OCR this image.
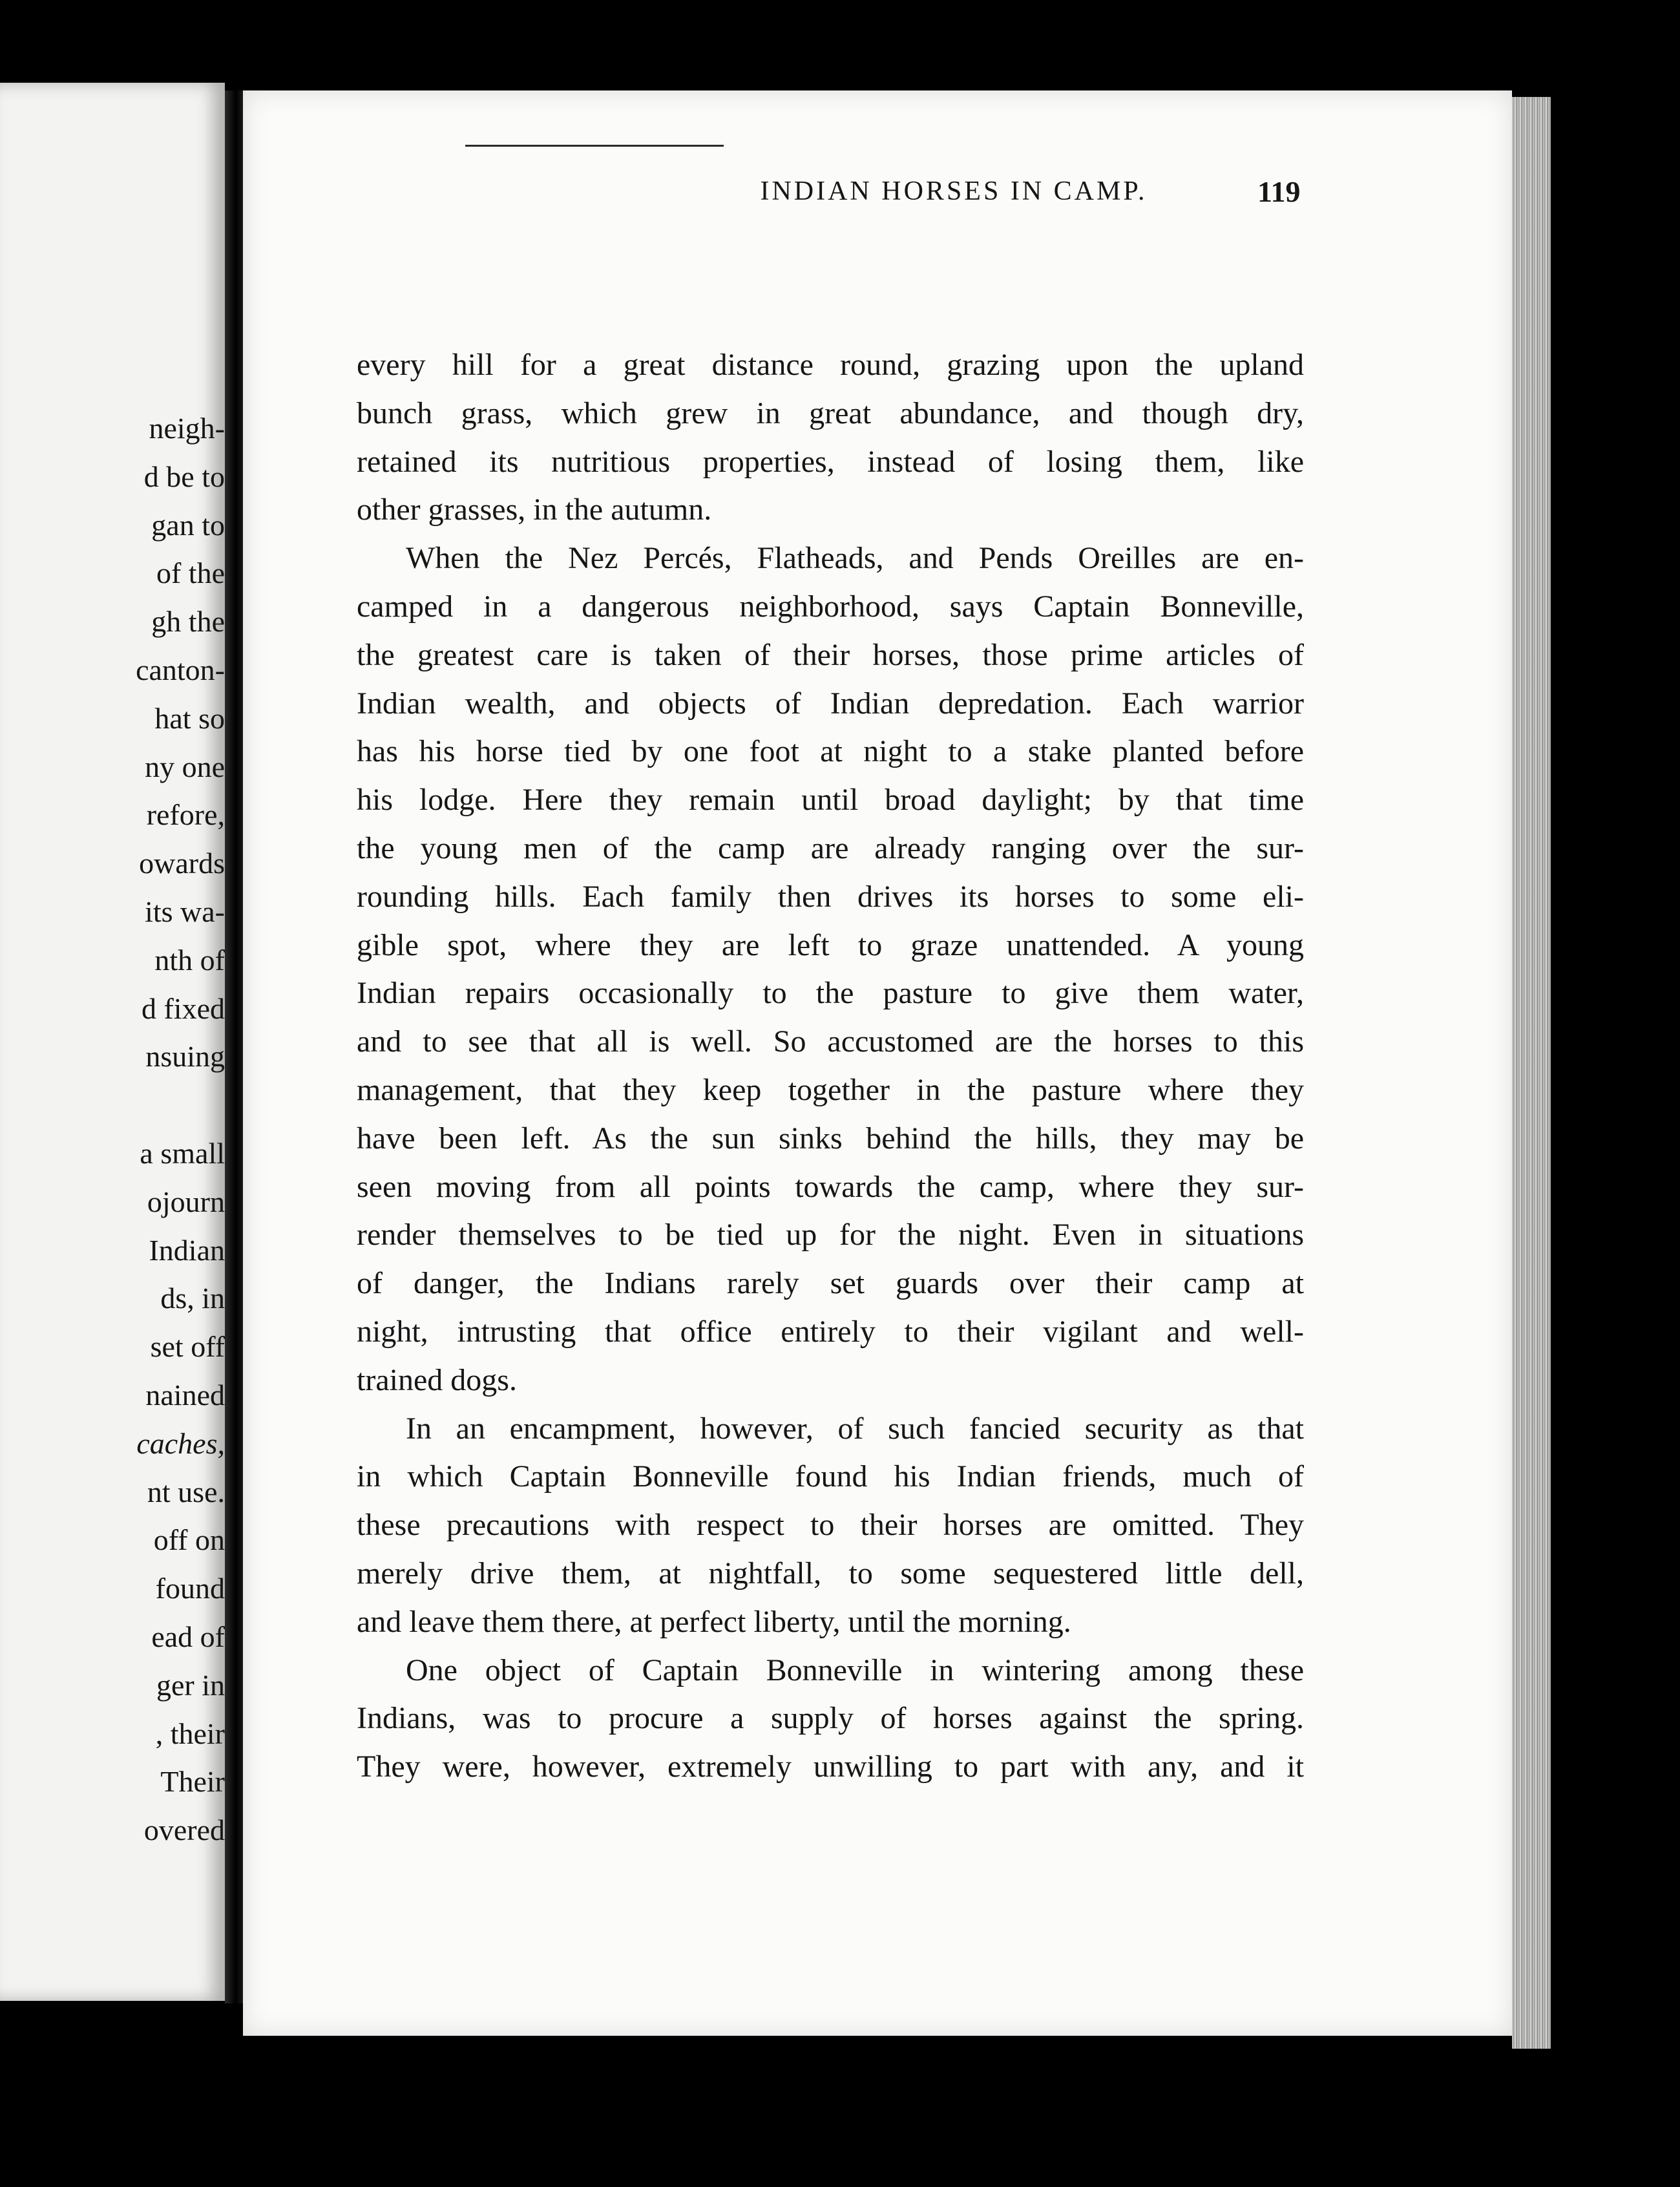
neigh-
d be to
gan to
of the
gh the
canton-
hat so
ny one
refore,
owards
its wa-
nth of
d fixed
nsuing
a small
ojourn
Indian
ds, in
set off
nained
caches,
nt use.
off on
found
ead of
ger in
, their
Their
overed
INDIAN HORSES IN CAMP.	119
every hill for a great distance round, grazing upon the upland
bunch grass, which grew in great abundance, and though dry,
retained its nutritious properties, instead of losing them, like
other grasses, in the autumn.
When the Nez Percés, Flatheads, and Pends Oreilles are en-
camped in a dangerous neighborhood, says Captain Bonneville,
the greatest care is taken of their horses, those prime articles of
Indian wealth, and objects of Indian depredation. Each warrior
has his horse tied by one foot at night to a stake planted before
his lodge. Here they remain until broad daylight; by that time
the young men of the camp are already ranging over the sur-
rounding hills. Each family then drives its horses to some eli-
gible spot, where they are left to graze unattended. A young
Indian repairs occasionally to the pasture to give them water,
and to see that all is well. So accustomed are the horses to this
management, that they keep together in the pasture where they
have been left. As the sun sinks behind the hills, they may be
seen moving from all points towards the camp, where they sur-
render themselves to be tied up for the night. Even in situations
of danger, the Indians rarely set guards over their camp at
night, intrusting that office entirely to their vigilant and well-
trained dogs.
In an encampment, however, of such fancied security as that
in which Captain Bonneville found his Indian friends, much of
these precautions with respect to their horses are omitted. They
merely drive them, at nightfall, to some sequestered little dell,
and leave them there, at perfect liberty, until the morning.
One object of Captain Bonneville in wintering among these
Indians, was to procure a supply of horses against the spring.
They were, however, extremely unwilling to part with any, and it
